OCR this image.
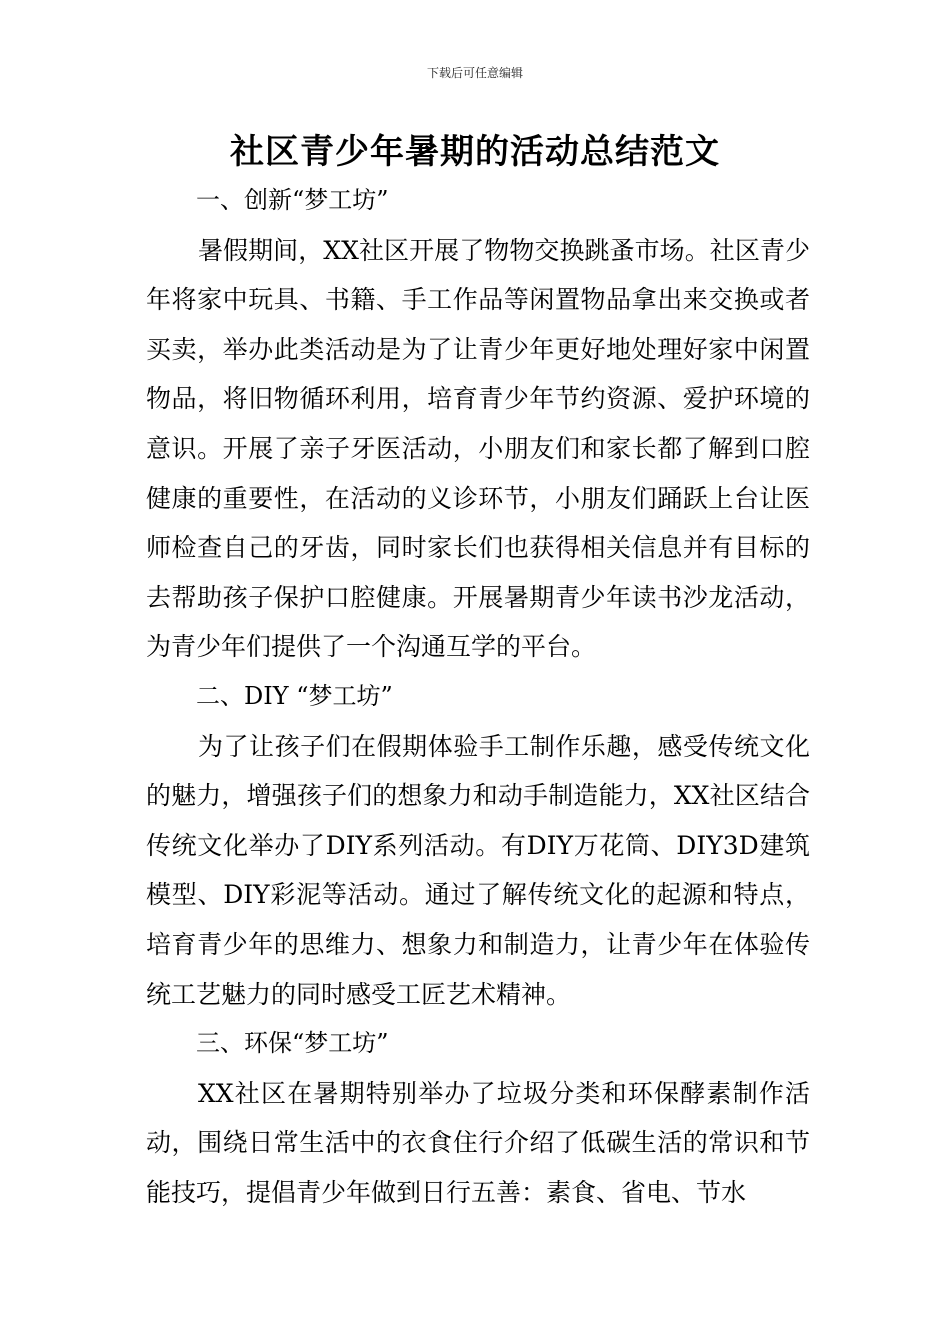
下载后可任意编辑
社区青少年暑期的活动总结范文

一、创新“梦工坊”

暑假期间，XX社区开展了物物交换跳蚤市场。社区青少年将家中玩具、书籍、手工作品等闲置物品拿出来交换或者买卖，举办此类活动是为了让青少年更好地处理好家中闲置物品，将旧物循环利用，培育青少年节约资源、爱护环境的意识。开展了亲子牙医活动，小朋友们和家长都了解到口腔健康的重要性，在活动的义诊环节，小朋友们踊跃上台让医师检查自己的牙齿，同时家长们也获得相关信息并有目标的去帮助孩子保护口腔健康。开展暑期青少年读书沙龙活动，为青少年们提供了一个沟通互学的平台。

二、DIY “梦工坊”

为了让孩子们在假期体验手工制作乐趣，感受传统文化的魅力，增强孩子们的想象力和动手制造能力，XX社区结合传统文化举办了DIY系列活动。有DIY万花筒、DIY3D建筑模型、DIY彩泥等活动。通过了解传统文化的起源和特点，培育青少年的思维力、想象力和制造力，让青少年在体验传统工艺魅力的同时感受工匠艺术精神。

三、环保“梦工坊”

XX社区在暑期特别举办了垃圾分类和环保酵素制作活动，围绕日常生活中的衣食住行介绍了低碳生活的常识和节能技巧，提倡青少年做到日行五善：素食、省电、节水
